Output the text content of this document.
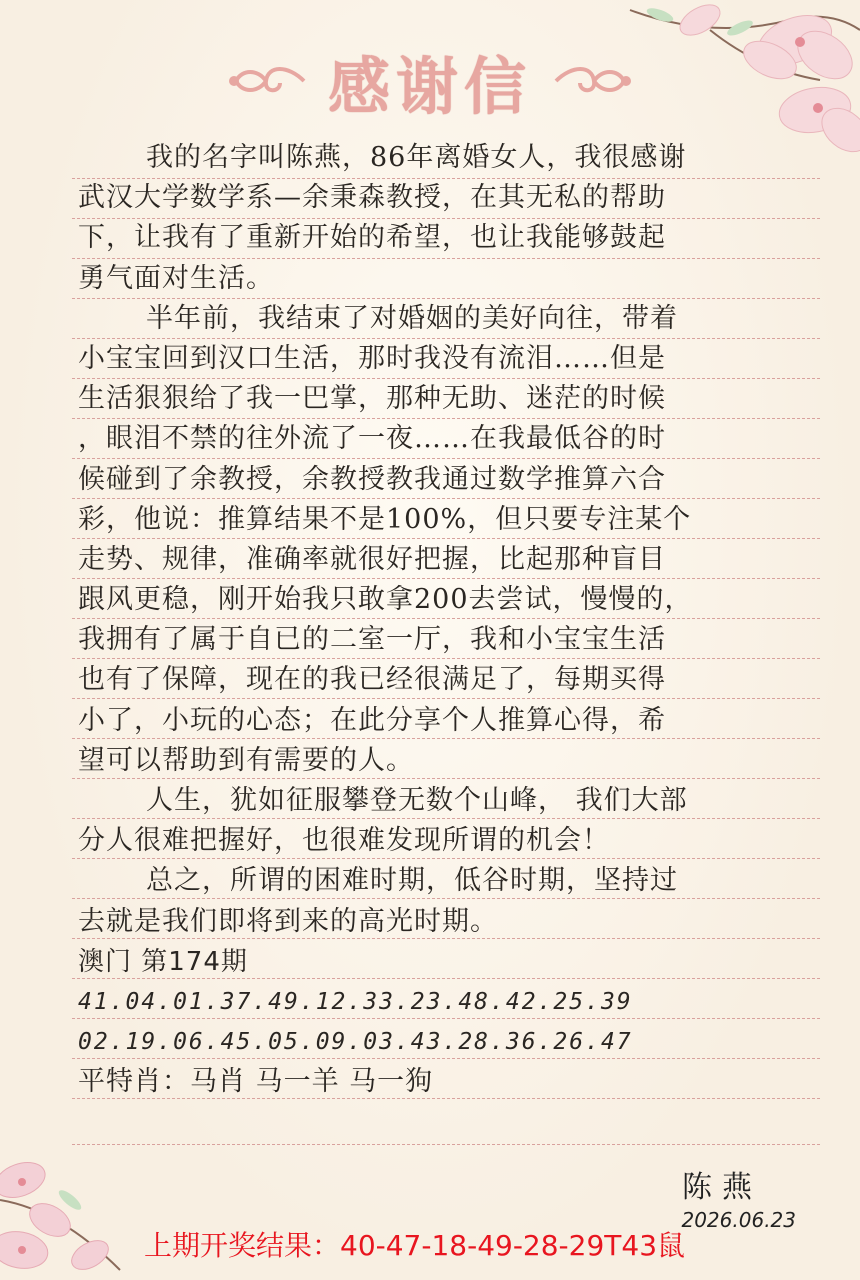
感谢信
我的名字叫陈燕，86年离婚女人，我很感谢
武汉大学数学系—余秉森教授，在其无私的帮助
下，让我有了重新开始的希望，也让我能够鼓起
勇气面对生活。
半年前，我结束了对婚姻的美好向往，带着
小宝宝回到汉口生活，那时我没有流泪……但是
生活狠狠给了我一巴掌，那种无助、迷茫的时候
，眼泪不禁的往外流了一夜……在我最低谷的时
候碰到了余教授，余教授教我通过数学推算六合
彩，他说：推算结果不是100%，但只要专注某个
走势、规律，准确率就很好把握，比起那种盲目
跟风更稳，刚开始我只敢拿200去尝试，慢慢的，
我拥有了属于自已的二室一厅，我和小宝宝生活
也有了保障，现在的我已经很满足了，每期买得
小了，小玩的心态；在此分享个人推算心得，希
望可以帮助到有需要的人。
人生，犹如征服攀登无数个山峰， 我们大部
分人很难把握好，也很难发现所谓的机会！
总之，所谓的困难时期，低谷时期，坚持过
去就是我们即将到来的高光时期。
澳门 第174期
41.04.01.37.49.12.33.23.48.42.25.39
02.19.06.45.05.09.03.43.28.36.26.47
平特肖：马肖 马一羊 马一狗
陈燕
2026.06.23
上期开奖结果：40-47-18-49-28-29T43鼠
